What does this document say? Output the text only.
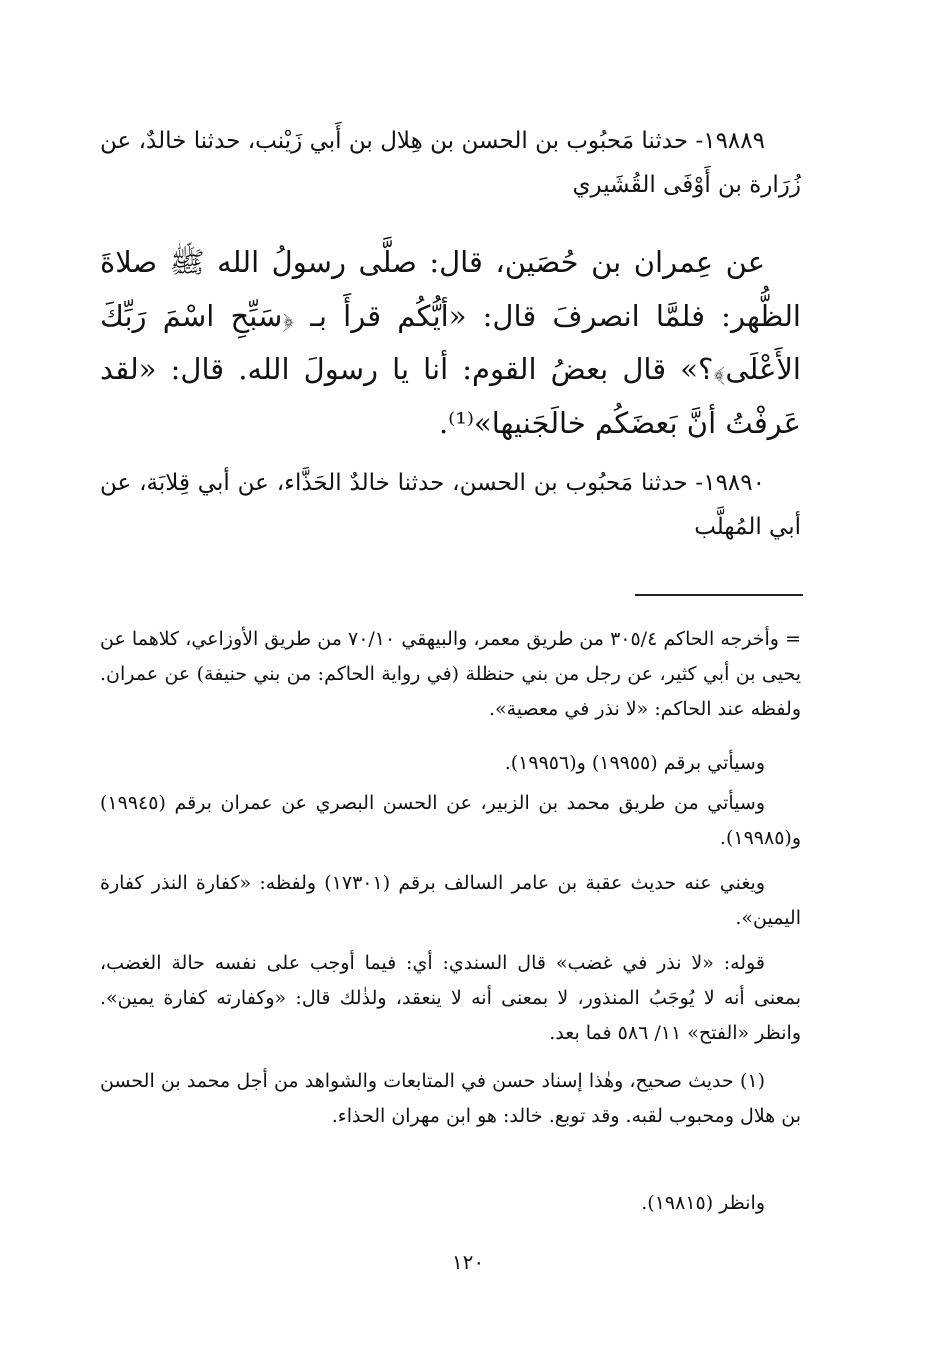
١٩٨٨٩- حدثنا مَحبُوب بن الحسن بن هِلال بن أَبي زَيْنب، حدثنا خالدٌ، عن زُرَارة بن أَوْفَى القُشَيري

عن عِمران بن حُصَين، قال: صلَّى رسولُ الله ﷺ صلاةَ الظُّهر: فلمَّا انصرفَ قال: «أيُّكُم قرأَ بـ ﴿سَبِّحِ اسْمَ رَبِّكَ الأَعْلَى﴾؟» قال بعضُ القوم: أنا يا رسولَ الله. قال: «لقد عَرفْتُ أنَّ بَعضَكُم خالَجَنيها»⁽¹⁾.

١٩٨٩٠- حدثنا مَحبُوب بن الحسن، حدثنا خالدٌ الحَذَّاء، عن أبي قِلابَة، عن أبي المُهلَّب

= وأخرجه الحاكم ٣٠٥/٤ من طريق معمر، والبيهقي ٧٠/١٠ من طريق الأوزاعي، كلاهما عن يحيى بن أبي كثير، عن رجل من بني حنظلة (في رواية الحاكم: من بني حنيفة) عن عمران. ولفظه عند الحاكم: «لا نذر في معصية».

وسيأتي برقم (١٩٩٥٥) و(١٩٩٥٦).

وسيأتي من طريق محمد بن الزبير، عن الحسن البصري عن عمران برقم (١٩٩٤٥) و(١٩٩٨٥).

ويغني عنه حديث عقبة بن عامر السالف برقم (١٧٣٠١) ولفظه: «كفارة النذر كفارة اليمين».

قوله: «لا نذر في غضب» قال السندي: أي: فيما أوجب على نفسه حالة الغضب، بمعنى أنه لا يُوجَبُ المنذور، لا بمعنى أنه لا ينعقد، ولذٰلك قال: «وكفارته كفارة يمين». وانظر «الفتح» ١١/ ٥٨٦ فما بعد.

(١) حديث صحيح، وهٰذا إسناد حسن في المتابعات والشواهد من أجل محمد بن الحسن بن هلال ومحبوب لقبه. وقد توبع. خالد: هو ابن مهران الحذاء.

وانظر (١٩٨١٥).

١٢٠
